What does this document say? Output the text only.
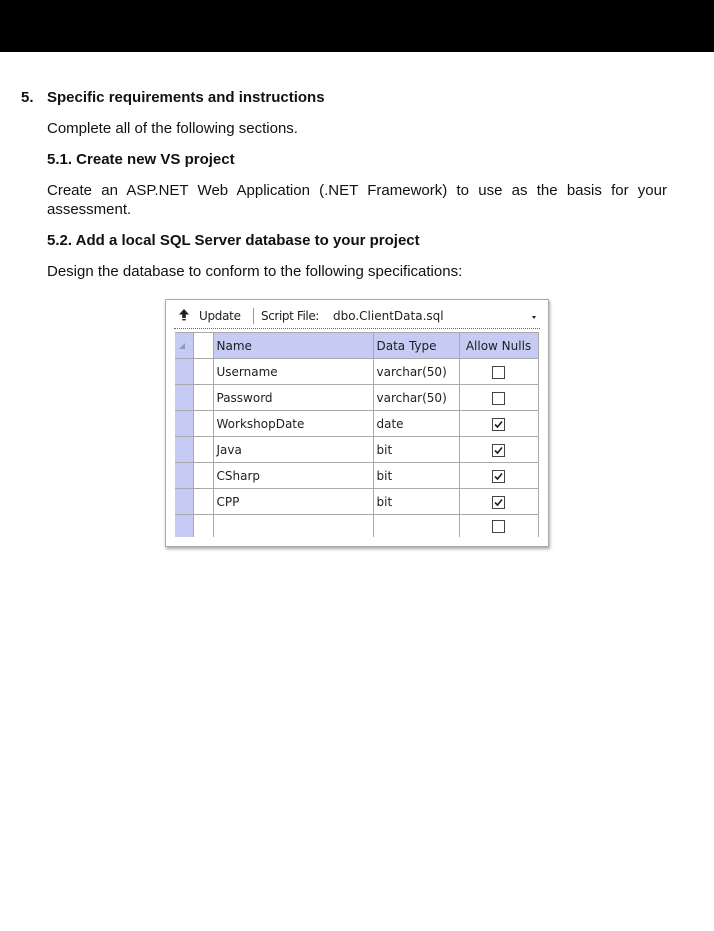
5. Specific requirements and instructions
Complete all of the following sections.
5.1. Create new VS project
Create an ASP.NET Web Application (.NET Framework) to use as the basis for your assessment.
5.2. Add a local SQL Server database to your project
Design the database to conform to the following specifications:
Update Script File:	dbo.ClientData.sql
		Name	Data Type	Allow Nulls
		Username	varchar(50)	
		Password	varchar(50)	
		WorkshopDate	date	

		Java	bit	

		CSharp	bit	

		CPP	bit	
